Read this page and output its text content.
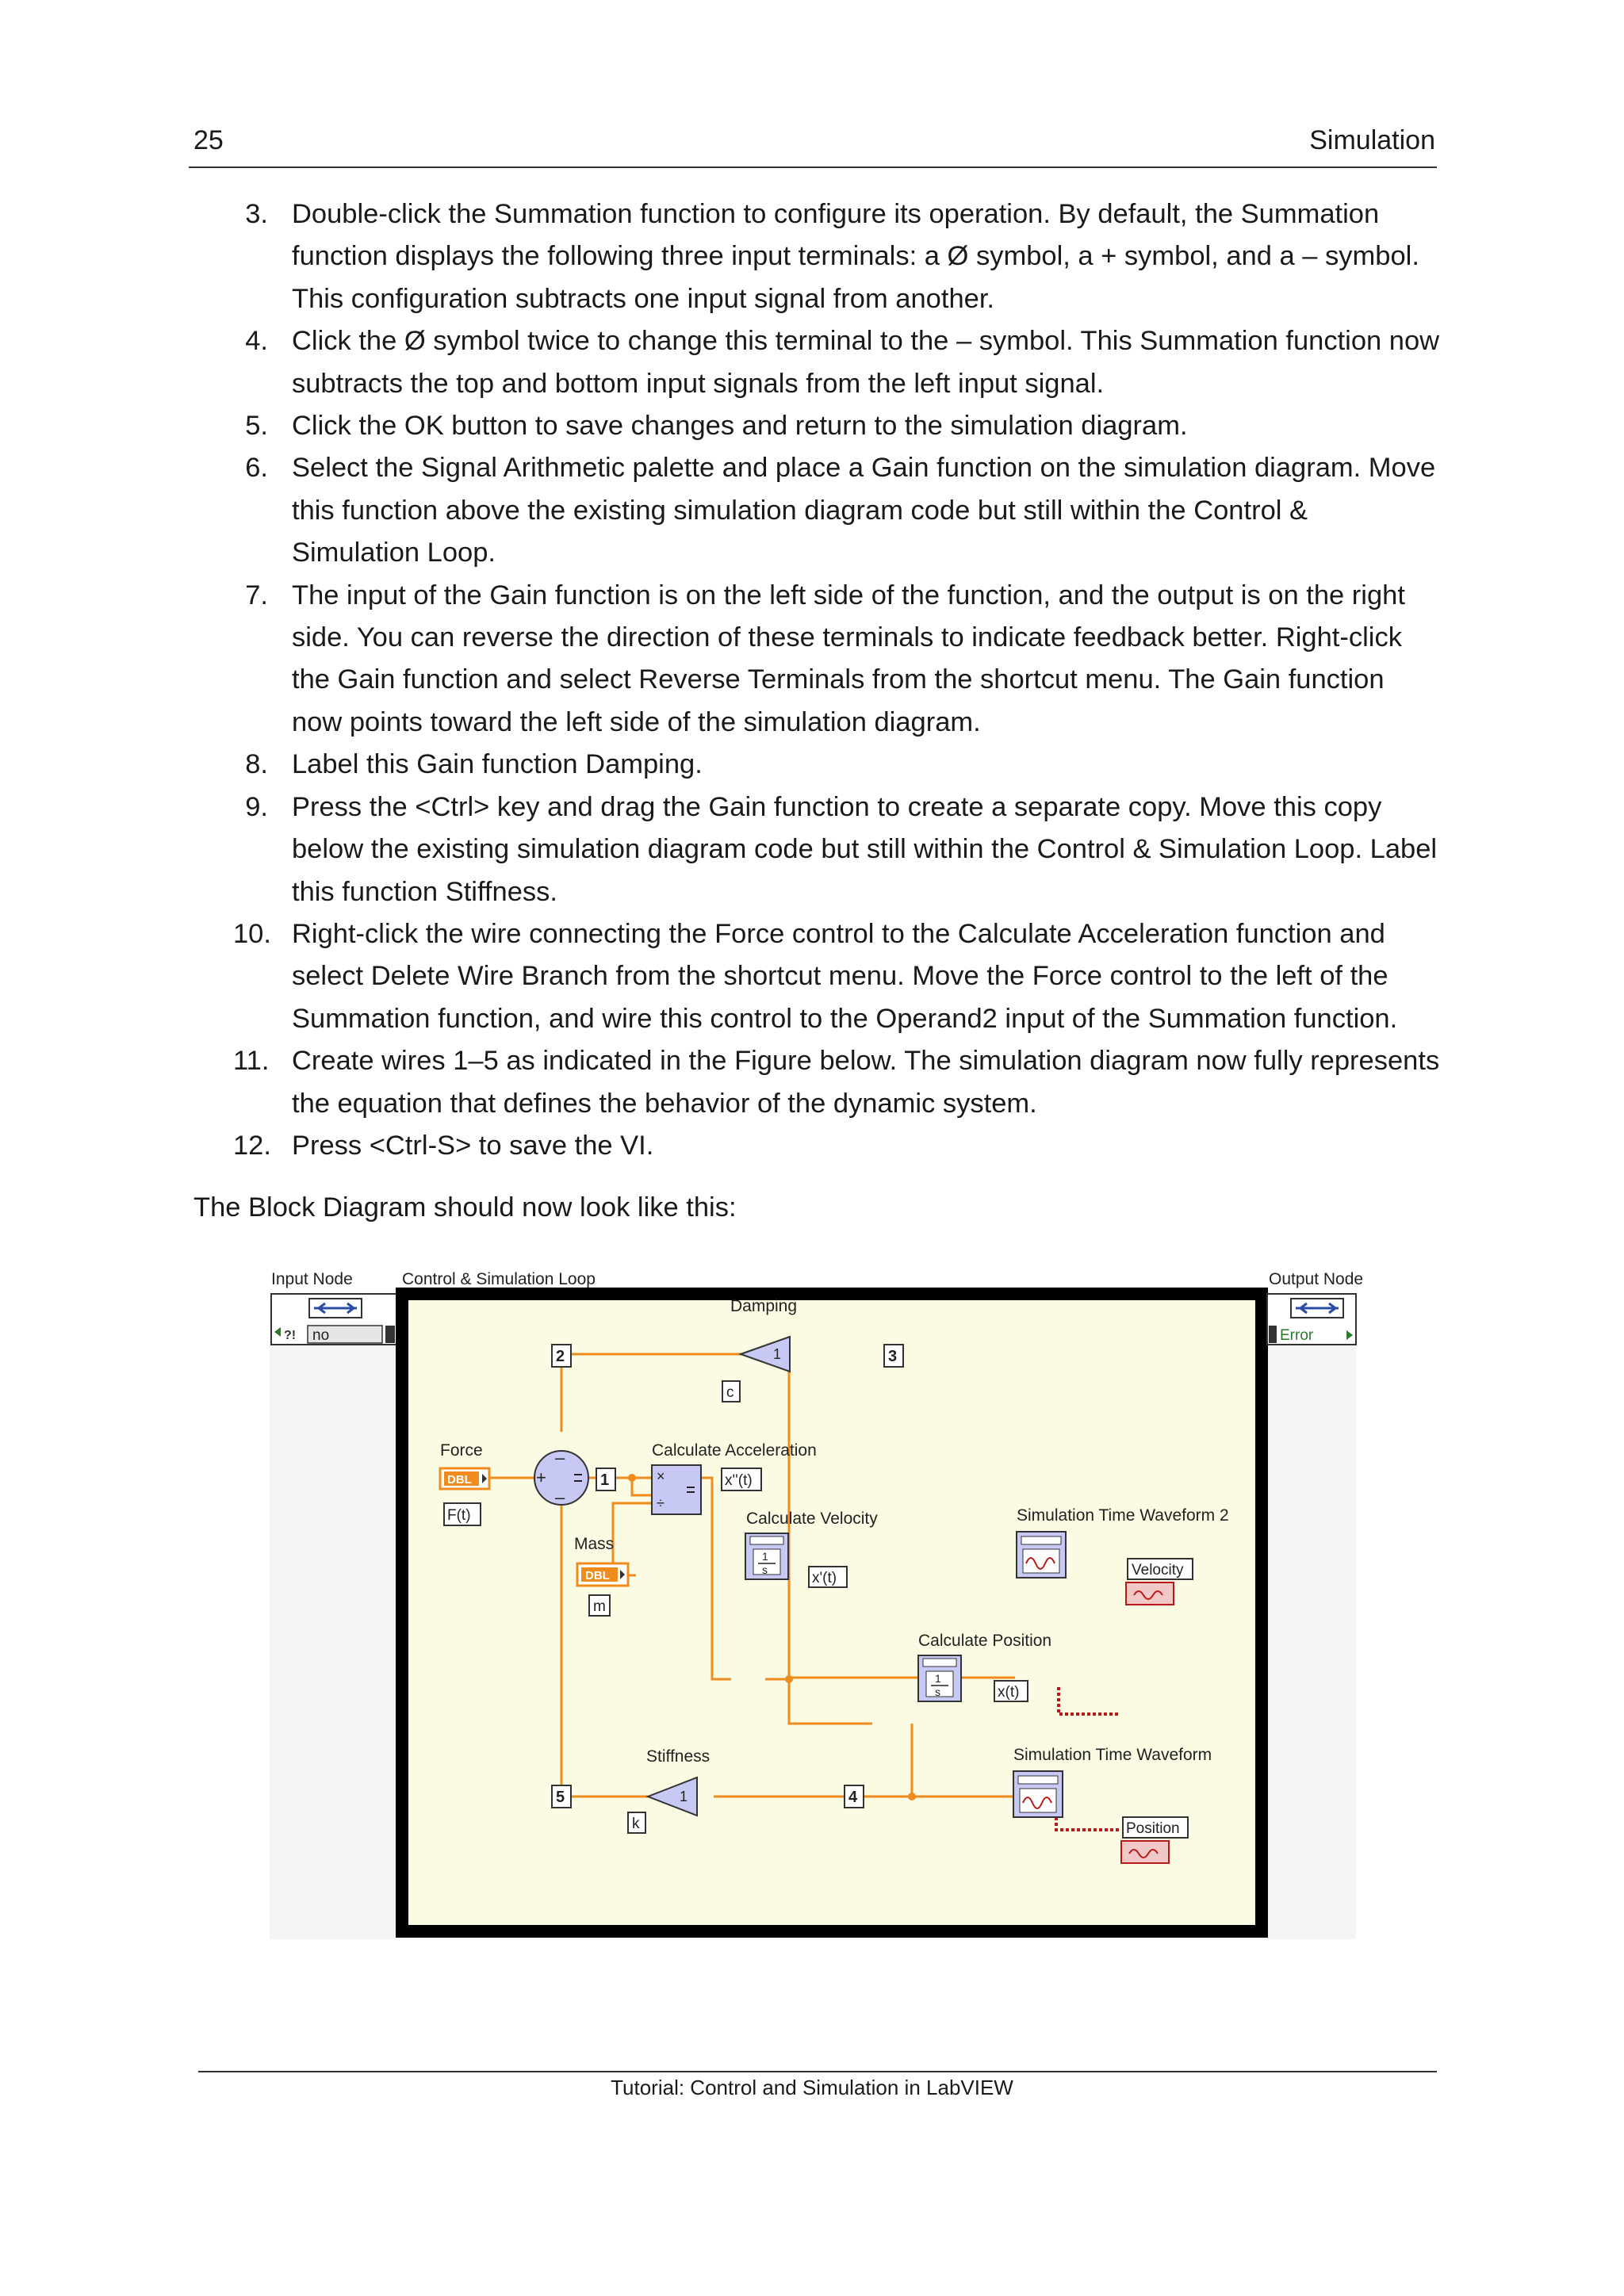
25	Simulation
3. Double-click the Summation function to configure its operation. By default, the Summation function displays the following three input terminals: a Ø symbol, a + symbol, and a – symbol. This configuration subtracts one input signal from another.
4. Click the Ø symbol twice to change this terminal to the – symbol. This Summation function now subtracts the top and bottom input signals from the left input signal.
5. Click the OK button to save changes and return to the simulation diagram.
6. Select the Signal Arithmetic palette and place a Gain function on the simulation diagram. Move this function above the existing simulation diagram code but still within the Control & Simulation Loop.
7. The input of the Gain function is on the left side of the function, and the output is on the right side. You can reverse the direction of these terminals to indicate feedback better. Right-click the Gain function and select Reverse Terminals from the shortcut menu. The Gain function now points toward the left side of the simulation diagram.
8. Label this Gain function Damping.
9. Press the <Ctrl> key and drag the Gain function to create a separate copy. Move this copy below the existing simulation diagram code but still within the Control & Simulation Loop. Label this function Stiffness.
10. Right-click the wire connecting the Force control to the Calculate Acceleration function and select Delete Wire Branch from the shortcut menu. Move the Force control to the left of the Summation function, and wire this control to the Operand2 input of the Summation function.
11. Create wires 1–5 as indicated in the Figure below. The simulation diagram now fully represents the equation that defines the behavior of the dynamic system.
12. Press <Ctrl-S> to save the VI.
The Block Diagram should now look like this:
Input Node	Control & Simulation Loop	Output Node
?! no	Error
Damping
1
c
2	3
Force
DBL
F(t)
+
–
–
1
Mass
DBL
m
Calculate Acceleration
×
÷
x''(t)
Calculate Velocity
1
s	x'(t)
Simulation Time Waveform 2
Velocity
Calculate Position
1
s	x(t)
Simulation Time Waveform
Position
Stiffness
1
k
4
5
Tutorial: Control and Simulation in LabVIEW
